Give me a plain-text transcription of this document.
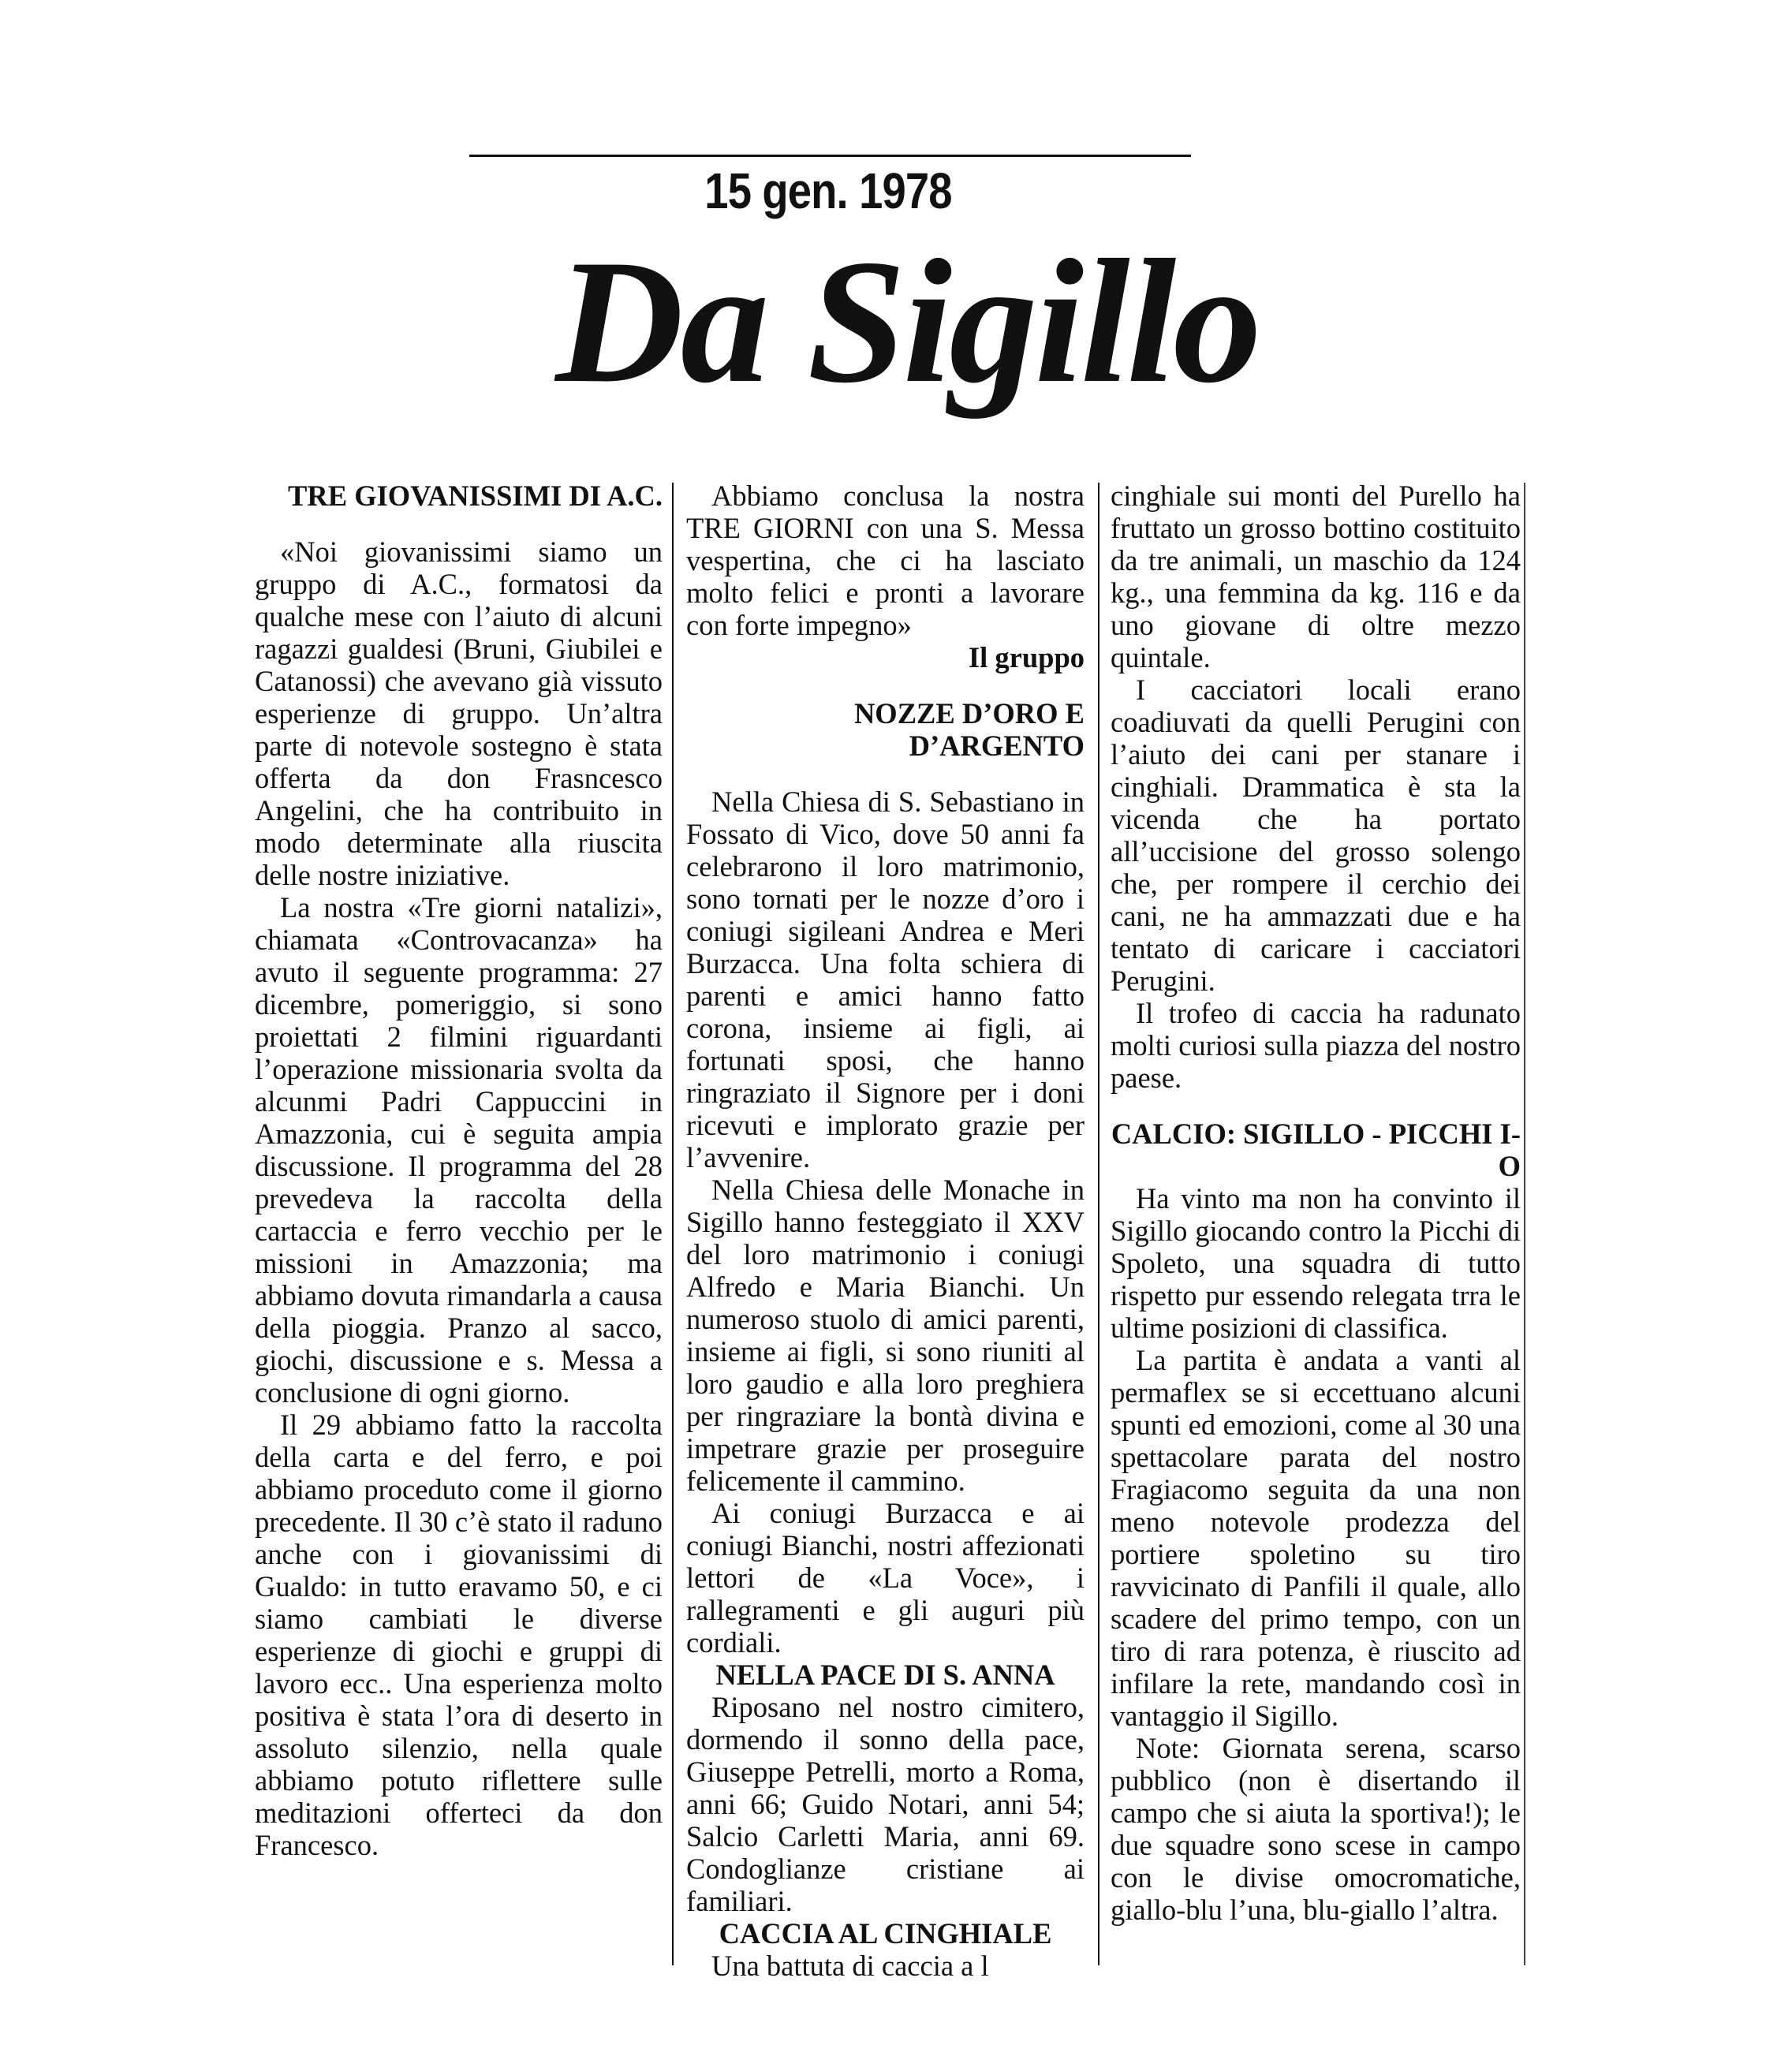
15 gen. 1978
Da Sigillo

TRE GIOVANISSIMI DI A.C.

«Noi giovanissimi siamo un gruppo di A.C., formatosi da qualche mese con l’aiuto di alcuni ragazzi gualdesi (Bruni, Giubilei e Catanossi) che avevano già vissuto esperienze di gruppo. Un’altra parte di notevole sostegno è stata offerta da don Frasncesco Angelini, che ha contribuito in modo determinate alla riuscita delle nostre iniziative.

La nostra «Tre giorni natalizi», chiamata «Controvacanza» ha avuto il seguente programma: 27 dicembre, pomeriggio, si sono proiettati 2 filmini riguardanti l’operazione missionaria svolta da alcunmi Padri Cappuccini in Amazzonia, cui è seguita ampia discussione. Il programma del 28 prevedeva la raccolta della cartaccia e ferro vecchio per le missioni in Amazzonia; ma abbiamo dovuta rimandarla a causa della pioggia. Pranzo al sacco, giochi, discussione e s. Messa a conclusione di ogni giorno.

Il 29 abbiamo fatto la raccolta della carta e del ferro, e poi abbiamo proceduto come il giorno precedente. Il 30 c’è stato il raduno anche con i giovanissimi di Gualdo: in tutto eravamo 50, e ci siamo cambiati le diverse esperienze di giochi e gruppi di lavoro ecc.. Una esperienza molto positiva è stata l’ora di deserto in assoluto silenzio, nella quale abbiamo potuto riflettere sulle meditazioni offerteci da don Francesco.

Abbiamo conclusa la nostra TRE GIORNI con una S. Messa vespertina, che ci ha lasciato molto felici e pronti a lavorare con forte impegno»

Il gruppo

NOZZE D’ORO E D’ARGENTO

Nella Chiesa di S. Sebastiano in Fossato di Vico, dove 50 anni fa celebrarono il loro matrimonio, sono tornati per le nozze d’oro i coniugi sigileani Andrea e Meri Burzacca. Una folta schiera di parenti e amici hanno fatto corona, insieme ai figli, ai fortunati sposi, che hanno ringraziato il Signore per i doni ricevuti e implorato grazie per l’avvenire.

Nella Chiesa delle Monache in Sigillo hanno festeggiato il XXV del loro matrimonio i coniugi Alfredo e Maria Bianchi. Un numeroso stuolo di amici parenti, insieme ai figli, si sono riuniti al loro gaudio e alla loro preghiera per ringraziare la bontà divina e impetrare grazie per proseguire felicemente il cammino.

Ai coniugi Burzacca e ai coniugi Bianchi, nostri affezionati lettori de «La Voce», i rallegramenti e gli auguri più cordiali.

NELLA PACE DI S. ANNA

Riposano nel nostro cimitero, dormendo il sonno della pace, Giuseppe Petrelli, morto a Roma, anni 66; Guido Notari, anni 54; Salcio Carletti Maria, anni 69. Condoglianze cristiane ai familiari.

CACCIA AL CINGHIALE

Una battuta di caccia a l

cinghiale sui monti del Purello ha fruttato un grosso bottino costituito da tre animali, un maschio da 124 kg., una femmina da kg. 116 e da uno giovane di oltre mezzo quintale.

I cacciatori locali erano coadiuvati da quelli Perugini con l’aiuto dei cani per stanare i cinghiali. Drammatica è sta la vicenda che ha portato all’uccisione del grosso solengo che, per rompere il cerchio dei cani, ne ha ammazzati due e ha tentato di caricare i cacciatori Perugini.

Il trofeo di caccia ha radunato molti curiosi sulla piazza del nostro paese.

CALCIO: SIGILLO - PICCHI I-O

Ha vinto ma non ha convinto il Sigillo giocando contro la Picchi di Spoleto, una squadra di tutto rispetto pur essendo relegata trra le ultime posizioni di classifica.

La partita è andata a vanti al permaflex se si eccettuano alcuni spunti ed emozioni, come al 30 una spettacolare parata del nostro Fragiacomo seguita da una non meno notevole prodezza del portiere spoletino su tiro ravvicinato di Panfili il quale, allo scadere del primo tempo, con un tiro di rara potenza, è riuscito ad infilare la rete, mandando così in vantaggio il Sigillo.

Note: Giornata serena, scarso pubblico (non è disertando il campo che si aiuta la sportiva!); le due squadre sono scese in campo con le divise omocromatiche, giallo-blu l’una, blu-giallo l’altra.
